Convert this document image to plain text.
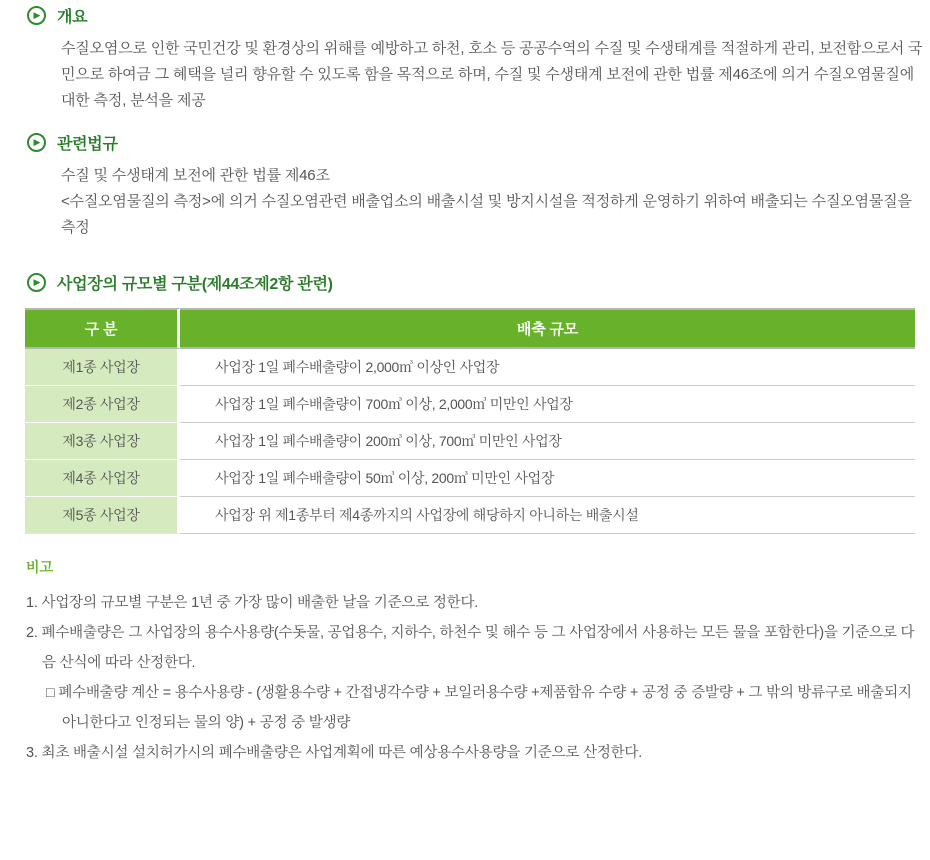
▶ 개요

수질오염으로 인한 국민건강 및 환경상의 위해를 예방하고 하천, 호소 등 공공수역의 수질 및 수생태계를 적절하게 관리, 보전함으로서 국민으로 하여금 그 혜택을 널리 향유할 수 있도록 함을 목적으로 하며, 수질 및 수생태계 보전에 관한 법률 제46조에 의거 수질오염물질에 대한 측정, 분석을 제공

▶ 관련법규

수질 및 수생태계 보전에 관한 법률 제46조

<수질오염물질의 측정>에 의거 수질오염관련 배출업소의 배출시설 및 방지시설을 적정하게 운영하기 위하여 배출되는 수질오염물질을 측정

▶ 사업장의 규모별 구분(제44조제2항 관련)
구 분	배축 규모
제1종 사업장	사업장 1일 폐수배출량이 2,000㎥ 이상인 사업장
제2종 사업장	사업장 1일 폐수배출량이 700㎥ 이상, 2,000㎥ 미만인 사업장
제3종 사업장	사업장 1일 폐수배출량이 200㎥ 이상, 700㎥ 미만인 사업장
제4종 사업장	사업장 1일 폐수배출량이 50㎥ 이상, 200㎥ 미만인 사업장
제5종 사업장	사업장 위 제1종부터 제4종까지의 사업장에 해당하지 아니하는 배출시설
비고
1. 사업장의 규모별 구분은 1년 중 가장 많이 배출한 날을 기준으로 정한다.
2. 폐수배출량은 그 사업장의 용수사용량(수돗물, 공업용수, 지하수, 하천수 및 해수 등 그 사업장에서 사용하는 모든 물을 포함한다)을 기준으로 다음 산식에 따라 산정한다.
□ 폐수배출량 계산 = 용수사용량 - (생활용수량 + 간접냉각수량 + 보일러용수량 +제품함유 수량 + 공정 중 증발량 + 그 밖의 방류구로 배출되지 아니한다고 인정되는 물의 양) + 공정 중 발생량
3. 최초 배출시설 설치허가시의 폐수배출량은 사업계획에 따른 예상용수사용량을 기준으로 산정한다.
